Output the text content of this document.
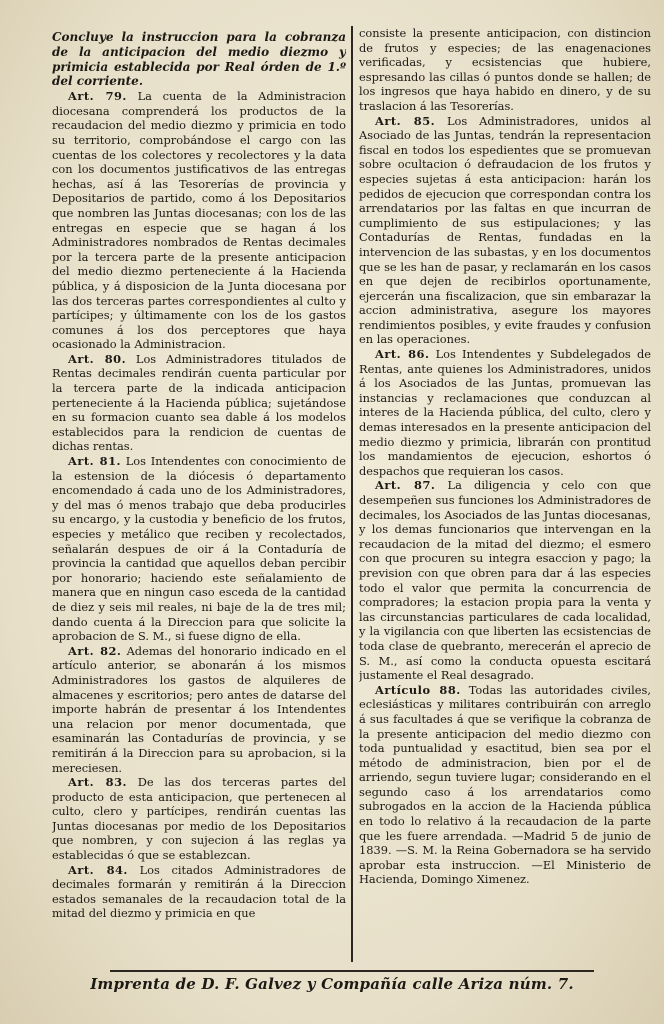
Concluye la instruccion para la cobranza de la anticipacion del medio diezmo y primicia establecida por Real órden de 1.º del corriente.

Art. 79. La cuenta de la Administracion diocesana comprenderá los productos de la recaudacion del medio diezmo y primicia en todo su territorio, comprobándose el cargo con las cuentas de los colectores y recolectores y la data con los documentos justificativos de las entregas hechas, así á las Tesorerías de provincia y Depositarios de partido, como á los Depositarios que nombren las Juntas diocesanas; con los de las entregas en especie que se hagan á los Administradores nombrados de Rentas decimales por la tercera parte de la presente anticipacion del medio diezmo perteneciente á la Hacienda pública, y á disposicion de la Junta diocesana por las dos terceras partes correspondientes al culto y partícipes; y últimamente con los de los gastos comunes á los dos perceptores que haya ocasionado la Administracion.

Art. 80. Los Administradores titulados de Rentas decimales rendirán cuenta particular por la tercera parte de la indicada anticipacion perteneciente á la Hacienda pública; sujetándose en su formacion cuanto sea dable á los modelos establecidos para la rendicion de cuentas de dichas rentas.

Art. 81. Los Intendentes con conocimiento de la estension de la diócesis ó departamento encomendado á cada uno de los Administradores, y del mas ó menos trabajo que deba producirles su encargo, y la custodia y beneficio de los frutos, especies y metálico que reciben y recolectados, señalarán despues de oir á la Contaduría de provincia la cantidad que aquellos deban percibir por honorario; haciendo este señalamiento de manera que en ningun caso esceda de la cantidad de diez y seis mil reales, ni baje de la de tres mil; dando cuenta á la Direccion para que solicite la aprobacion de S. M., si fuese digno de ella.

Art. 82. Ademas del honorario indicado en el artículo anterior, se abonarán á los mismos Administradores los gastos de alquileres de almacenes y escritorios; pero antes de datarse del importe habrán de presentar á los Intendentes una relacion por menor documentada, que esaminarán las Contadurías de provincia, y se remitirán á la Direccion para su aprobacion, si la mereciesen.

Art. 83. De las dos terceras partes del producto de esta anticipacion, que pertenecen al culto, clero y partícipes, rendirán cuentas las Juntas diocesanas por medio de los Depositarios que nombren, y con sujecion á las reglas ya establecidas ó que se establezcan.

Art. 84. Los citados Administradores de decimales formarán y remitirán á la Direccion estados semanales de la recaudacion total de la mitad del diezmo y primicia en que

consiste la presente anticipacion, con distincion de frutos y especies; de las enagenaciones verificadas, y ecsistencias que hubiere, espresando las cillas ó puntos donde se hallen; de los ingresos que haya habido en dinero, y de su traslacion á las Tesorerías.

Art. 85. Los Administradores, unidos al Asociado de las Juntas, tendrán la representacion fiscal en todos los espedientes que se promuevan sobre ocultacion ó defraudacion de los frutos y especies sujetas á esta anticipacion: harán los pedidos de ejecucion que correspondan contra los arrendatarios por las faltas en que incurran de cumplimiento de sus estipulaciones; y las Contadurías de Rentas, fundadas en la intervencion de las subastas, y en los documentos que se les han de pasar, y reclamarán en los casos en que dejen de recibirlos oportunamente, ejercerán una fiscalizacion, que sin embarazar la accion administrativa, asegure los mayores rendimientos posibles, y evite fraudes y confusion en las operaciones.

Art. 86. Los Intendentes y Subdelegados de Rentas, ante quienes los Administradores, unidos á los Asociados de las Juntas, promuevan las instancias y reclamaciones que conduzcan al interes de la Hacienda pública, del culto, clero y demas interesados en la presente anticipacion del medio diezmo y primicia, librarán con prontitud los mandamientos de ejecucion, eshortos ó despachos que requieran los casos.

Art. 87. La diligencia y celo con que desempeñen sus funciones los Administradores de decimales, los Asociados de las Juntas diocesanas, y los demas funcionarios que intervengan en la recaudacion de la mitad del diezmo; el esmero con que procuren su integra esaccion y pago; la prevision con que obren para dar á las especies todo el valor que permita la concurrencia de compradores; la estacion propia para la venta y las circunstancias particulares de cada localidad, y la vigilancia con que liberten las ecsistencias de toda clase de quebranto, merecerán el aprecio de S. M., así como la conducta opuesta escitará justamente el Real desagrado.

Artículo 88. Todas las autoridades civiles, eclesiásticas y militares contribuirán con arreglo á sus facultades á que se verifique la cobranza de la presente anticipacion del medio diezmo con toda puntualidad y esactitud, bien sea por el método de administracion, bien por el de arriendo, segun tuviere lugar; considerando en el segundo caso á los arrendatarios como subrogados en la accion de la Hacienda pública en todo lo relativo á la recaudacion de la parte que les fuere arrendada. —Madrid 5 de junio de 1839. —S. M. la Reina Gobernadora se ha servido aprobar esta instruccion. —El Ministerio de Hacienda, Domingo Ximenez.

Imprenta de D. F. Galvez y Compañía calle Ariza núm. 7.
